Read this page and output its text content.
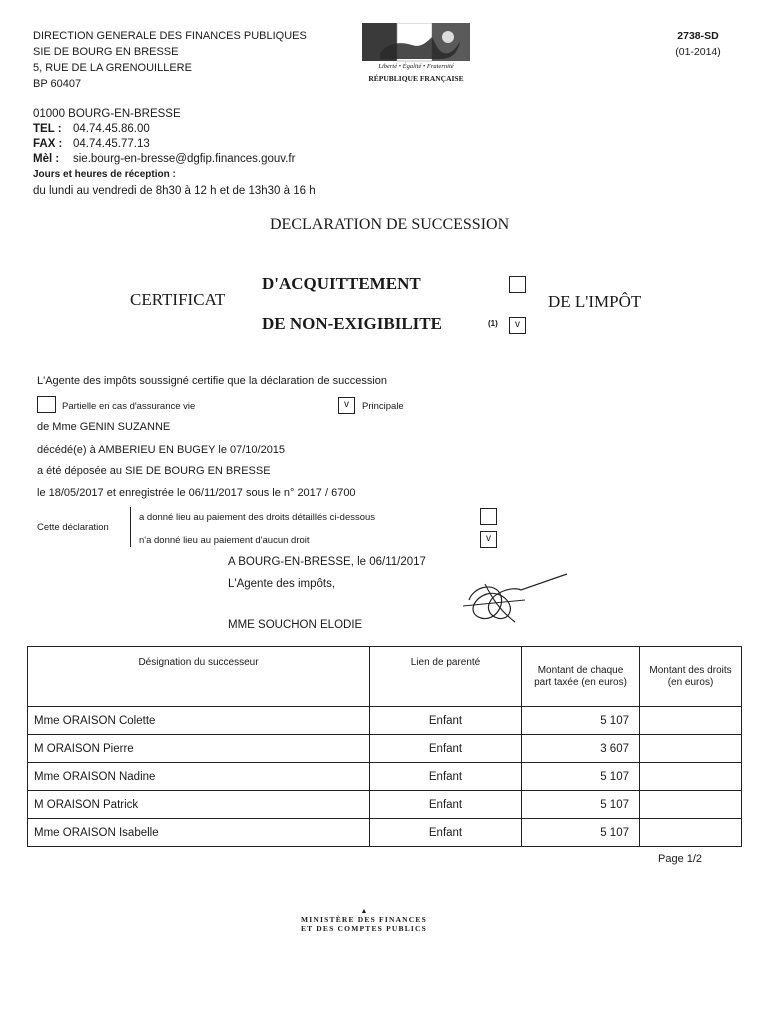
DIRECTION GENERALE DES FINANCES PUBLIQUES
SIE DE BOURG EN BRESSE
5, RUE DE LA GRENOUILLERE
BP 60407
01000 BOURG-EN-BRESSE
TEL : 04.74.45.86.00
FAX : 04.74.45.77.13
Mèl : sie.bourg-en-bresse@dgfip.finances.gouv.fr
Jours et heures de réception :
du lundi au vendredi de 8h30 à 12 h et de 13h30 à 16 h
Liberté • Égalité • Fraternité
RÉPUBLIQUE FRANÇAISE
2738-SD
(01-2014)
DECLARATION DE SUCCESSION
CERTIFICAT
D'ACQUITTEMENT
DE NON-EXIGIBILITE	(1)	v
DE L'IMPÔT
L'Agente des impôts soussigné certifie que la déclaration de succession
Partielle en cas d'assurance vie	v	Principale
de Mme GENIN SUZANNE
décédé(e) à AMBERIEU EN BUGEY le 07/10/2015
a été déposée au SIE DE BOURG EN BRESSE
le 18/05/2017 et enregistrée le 06/11/2017 sous le n° 2017 / 6700
Cette déclaration
a donné lieu au paiement des droits détaillés ci-dessous
n'a donné lieu au paiement d'aucun droit	v
A BOURG-EN-BRESSE, le 06/11/2017
L'Agente des impôts,
MME SOUCHON ELODIE
Désignation du successeur	Lien de parenté	Montant de chaque part taxée (en euros)	Montant des droits (en euros)
Mme ORAISON Colette	Enfant	5 107	
M ORAISON Pierre	Enfant	3 607	
Mme ORAISON Nadine	Enfant	5 107	
M ORAISON Patrick	Enfant	5 107	
Mme ORAISON Isabelle	Enfant	5 107	
Page 1/2
▲
MINISTÈRE DES FINANCES
ET DES COMPTES PUBLICS
